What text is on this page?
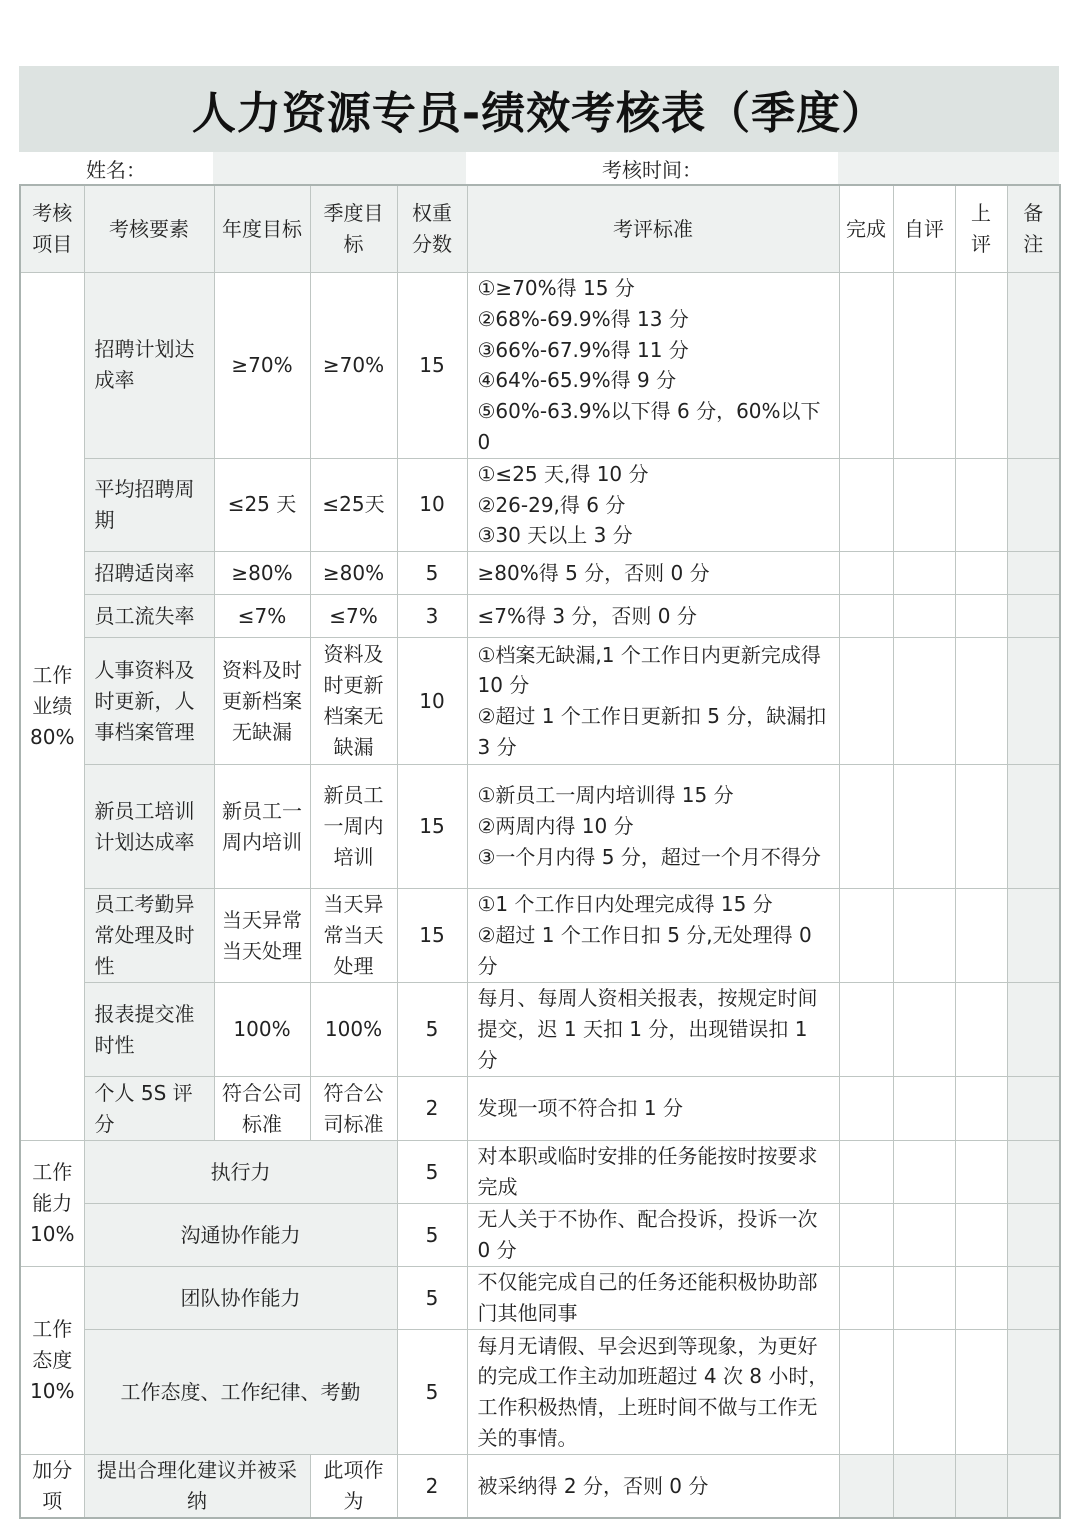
人力资源专员-绩效考核表（季度）
姓名：	考核时间：
考核项目	考核要素	年度目标	季度目标	权重分数	考评标准	完成	自评	上评	备注
工作业绩80%	招聘计划达成率	≥70%	≥70%	15	①≥70%得 15 分
②68%-69.9%得 13 分
③66%-67.9%得 11 分
④64%-65.9%得 9 分
⑤60%-63.9%以下得 6 分，60%以下 0				
	平均招聘周期	≤25 天	≤25天	10	①≤25 天,得 10 分
②26-29,得 6 分
③30 天以上 3 分				
	招聘适岗率	≥80%	≥80%	5	≥80%得 5 分，否则 0 分				
	员工流失率	≤7%	≤7%	3	≤7%得 3 分，否则 0 分				
	人事资料及时更新，人事档案管理	资料及时更新档案无缺漏	资料及时更新档案无缺漏	10	①档案无缺漏,1 个工作日内更新完成得 10 分
②超过 1 个工作日更新扣 5 分，缺漏扣 3 分				
	新员工培训计划达成率	新员工一周内培训	新员工一周内培训	15	①新员工一周内培训得 15 分
②两周内得 10 分
③一个月内得 5 分，超过一个月不得分				
	员工考勤异常处理及时性	当天异常当天处理	当天异常当天处理	15	①1 个工作日内处理完成得 15 分
②超过 1 个工作日扣 5 分,无处理得 0 分				
	报表提交准时性	100%	100%	5	每月、每周人资相关报表，按规定时间提交，迟 1 天扣 1 分，出现错误扣 1 分				
	个人 5S 评分	符合公司标准	符合公司标准	2	发现一项不符合扣 1 分				
工作能力10%	执行力			5	对本职或临时安排的任务能按时按要求完成				
	沟通协作能力			5	无人关于不协作、配合投诉，投诉一次 0 分				
工作态度10%	团队协作能力			5	不仅能完成自己的任务还能积极协助部门其他同事				
	工作态度、工作纪律、考勤			5	每月无请假、早会迟到等现象，为更好的完成工作主动加班超过 4 次 8 小时，工作积极热情，上班时间不做与工作无关的事情。				
加分项	提出合理化建议并被采纳		此项作为	2	被采纳得 2 分，否则 0 分				
